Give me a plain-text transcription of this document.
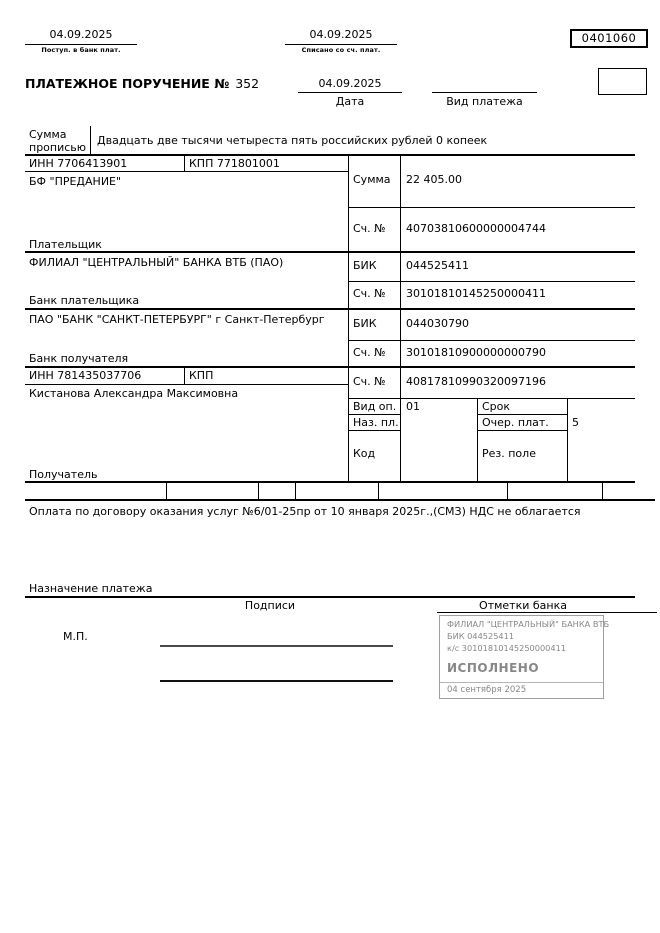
04.09.2025
Поступ. в банк плат.
04.09.2025
Списано со сч. плат.
0401060
ПЛАТЕЖНОЕ ПОРУЧЕНИЕ № 352	04.09.2025
Дата	Вид платежа
Сумма прописью
Двадцать две тысячи четыреста пять российских рублей 0 копеек
ИНН 7706413901	КПП 771801001
БФ "ПРЕДАНИЕ"
Плательщик
Сумма 22 405.00
Сч. № 40703810600000004744
ФИЛИАЛ "ЦЕНТРАЛЬНЫЙ" БАНКА ВТБ (ПАО)	БИК	044525411
Сч. № 30101810145250000411
Банк плательщика
ПАО "БАНК "САНКТ-ПЕТЕРБУРГ" г Санкт-Петербург	БИК	044030790
Сч. № 30101810900000000790
Банк получателя
ИНН 781435037706	КПП
Кистанова Александра Максимовна
Сч. № 40817810990320097196
Вид оп. 01	Срок
Наз. пл.	Очер. плат. 5
Код	Рез. поле
Получатель
Оплата по договору оказания услуг №6/01-25пр от 10 января 2025г.,(СМЗ) НДС не облагается
Назначение платежа
Подписи	Отметки банка
М.П.
ФИЛИАЛ "ЦЕНТРАЛЬНЫЙ" БАНКА ВТБ
БИК 044525411
к/с 30101810145250000411
ИСПОЛНЕНО
04 сентября 2025
